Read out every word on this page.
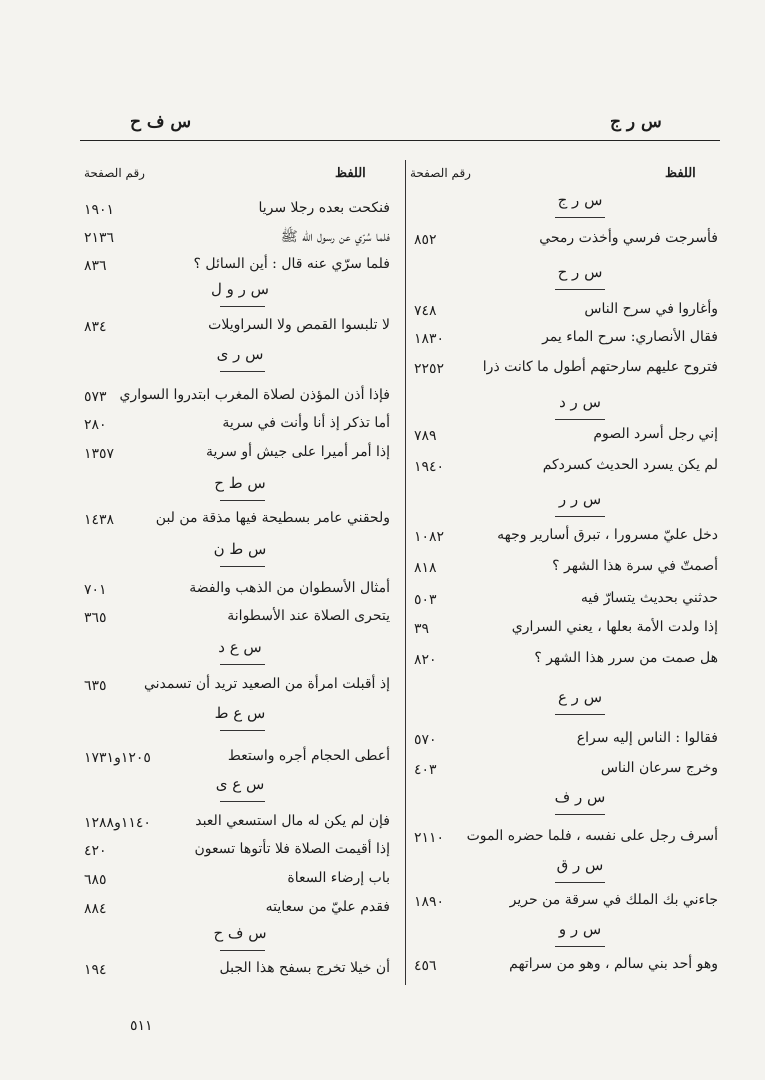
س ر ج
س ف ح
اللفظ
رقم الصفحة
اللفظ
رقم الصفحة
س ر ج
فأسرجت فرسي وأخذت رمحي
٨٥٢
س ر ح
وأغاروا في سرح الناس
٧٤٨
فقال الأنصاري: سرح الماء يمر
١٨٣٠
فتروح عليهم سارحتهم أطول ما كانت ذرا
٢٢٥٢
س ر د
إني رجل أسرد الصوم
٧٨٩
لم يكن يسرد الحديث كسردكم
١٩٤٠
س ر ر
دخل عليّ مسرورا ، تبرق أسارير وجهه
١٠٨٢
أصمتّ في سرة هذا الشهر ؟
٨١٨
حدثني بحديث يتسارّ فيه
٥٠٣
إذا ولدت الأمة بعلها ، يعني السراري
٣٩
هل صمت من سرر هذا الشهر ؟
٨٢٠
س ر ع
فقالوا : الناس إليه سراع
٥٧٠
وخرج سرعان الناس
٤٠٣
س ر ف
أسرف رجل على نفسه ، فلما حضره الموت
٢١١٠
س ر ق
جاءني بك الملك في سرقة من حرير
١٨٩٠
س ر و
وهو أحد بني سالم ، وهو من سراتهم
٤٥٦
فنكحت بعده رجلا سريا
١٩٠١
فلما سُرّي عن رسول الله ﷺ
٢١٣٦
فلما سرّي عنه قال : أين السائل ؟
٨٣٦
س ر و ل
لا تلبسوا القمص ولا السراويلات
٨٣٤
س ر ى
فإذا أذن المؤذن لصلاة المغرب ابتدروا السواري
٥٧٣
أما تذكر إذ أنا وأنت في سرية
٢٨٠
إذا أمر أميرا على جيش أو سرية
١٣٥٧
س ط ح
ولحقني عامر بسطيحة فيها مذقة من لبن
١٤٣٨
س ط ن
أمثال الأسطوان من الذهب والفضة
٧٠١
يتحرى الصلاة عند الأسطوانة
٣٦٥
س ع د
إذ أقبلت امرأة من الصعيد تريد أن تسمدني
٦٣٥
س ع ط
أعطى الحجام أجره واستعط
١٢٠٥و١٧٣١
س ع ى
فإن لم يكن له مال استسعي العبد
١١٤٠و١٢٨٨
إذا أقيمت الصلاة فلا تأتوها تسعون
٤٢٠
باب إرضاء السعاة
٦٨٥
فقدم عليّ من سعايته
٨٨٤
س ف ح
أن خيلا تخرج بسفح هذا الجبل
١٩٤
٥١١
